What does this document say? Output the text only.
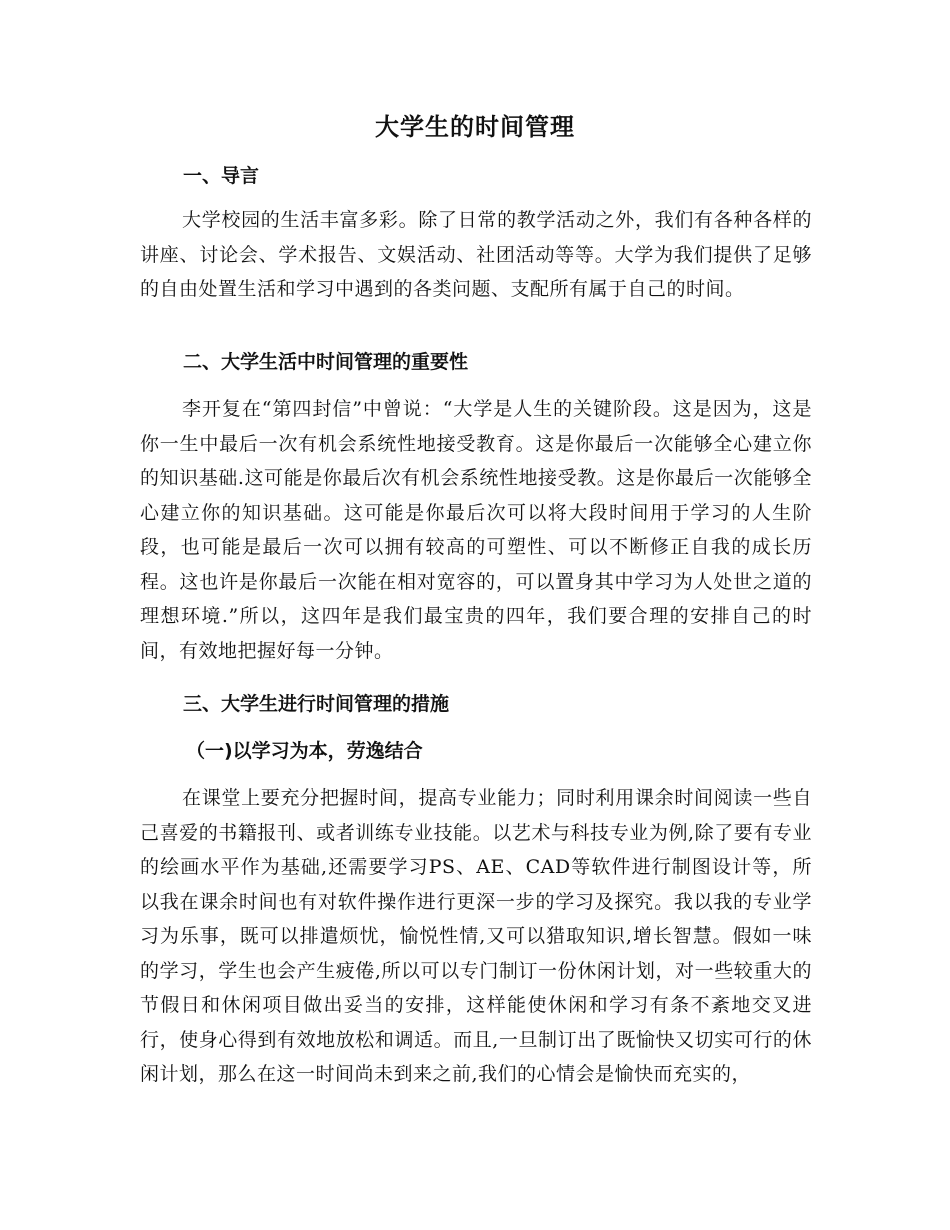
大学生的时间管理
一、导言
大学校园的生活丰富多彩。除了日常的教学活动之外，我们有各种各样的讲座、讨论会、学术报告、文娱活动、社团活动等等。大学为我们提供了足够的自由处置生活和学习中遇到的各类问题、支配所有属于自己的时间。
二、大学生活中时间管理的重要性
李开复在“第四封信”中曾说：“大学是人生的关键阶段。这是因为，这是你一生中最后一次有机会系统性地接受教育。这是你最后一次能够全心建立你的知识基础.这可能是你最后次有机会系统性地接受教。这是你最后一次能够全心建立你的知识基础。这可能是你最后次可以将大段时间用于学习的人生阶段，也可能是最后一次可以拥有较高的可塑性、可以不断修正自我的成长历程。这也许是你最后一次能在相对宽容的，可以置身其中学习为人处世之道的理想环境.”所以，这四年是我们最宝贵的四年，我们要合理的安排自己的时间，有效地把握好每一分钟。
三、大学生进行时间管理的措施
（一)以学习为本，劳逸结合
在课堂上要充分把握时间，提高专业能力；同时利用课余时间阅读一些自己喜爱的书籍报刊、或者训练专业技能。以艺术与科技专业为例,除了要有专业的绘画水平作为基础,还需要学习PS、AE、CAD等软件进行制图设计等，所以我在课余时间也有对软件操作进行更深一步的学习及探究。我以我的专业学习为乐事，既可以排遣烦忧，愉悦性情,又可以猎取知识,增长智慧。假如一味的学习，学生也会产生疲倦,所以可以专门制订一份休闲计划，对一些较重大的节假日和休闲项目做出妥当的安排，这样能使休闲和学习有条不紊地交叉进行，使身心得到有效地放松和调适。而且,一旦制订出了既愉快又切实可行的休闲计划，那么在这一时间尚未到来之前,我们的心情会是愉快而充实的，
